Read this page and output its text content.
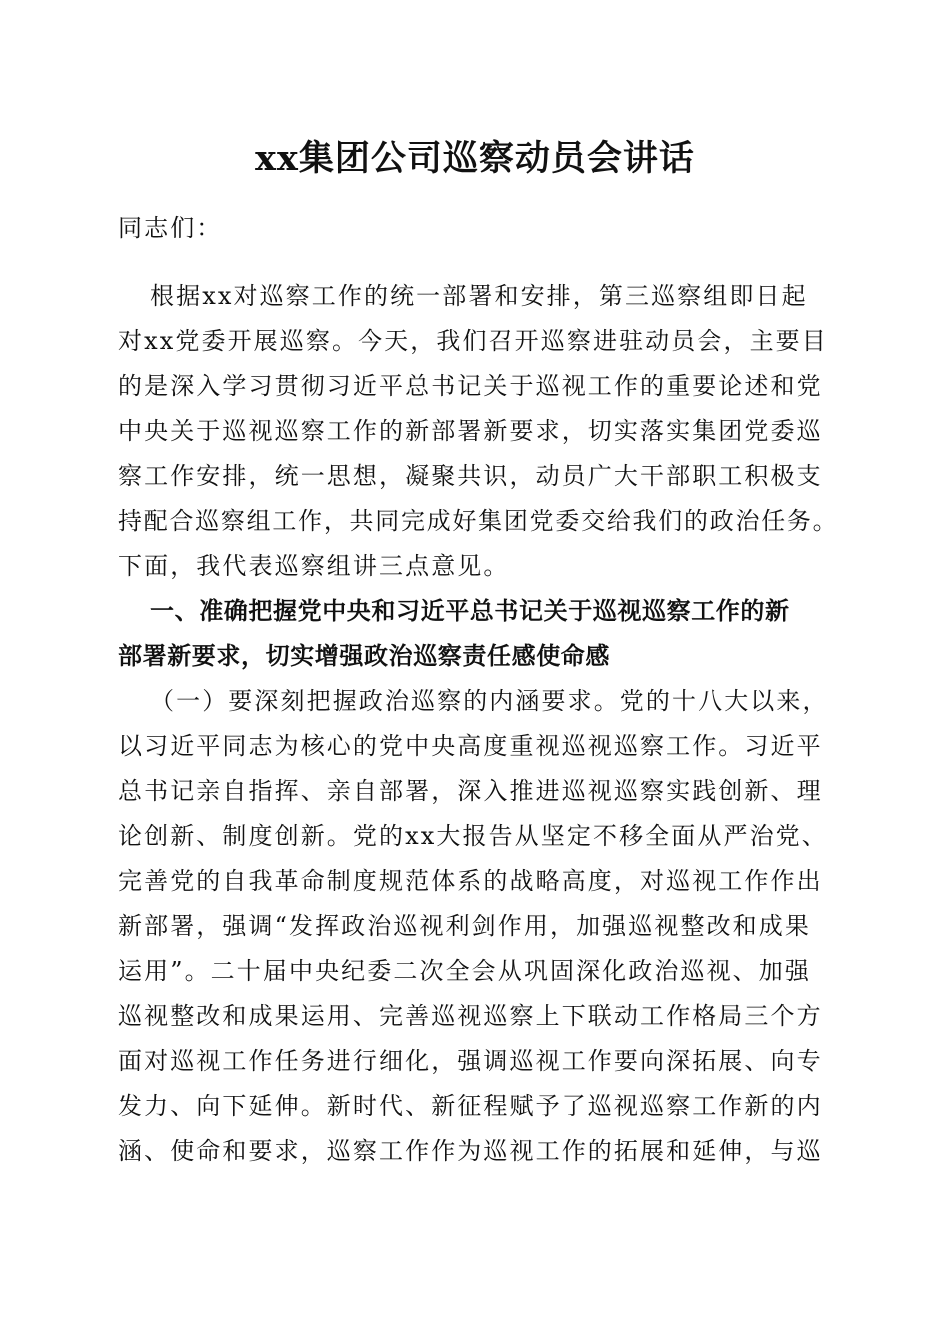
xx集团公司巡察动员会讲话
同志们：
根据xx对巡察工作的统一部署和安排，第三巡察组即日起
对xx党委开展巡察。今天，我们召开巡察进驻动员会，主要目
的是深入学习贯彻习近平总书记关于巡视工作的重要论述和党
中央关于巡视巡察工作的新部署新要求，切实落实集团党委巡
察工作安排，统一思想，凝聚共识，动员广大干部职工积极支
持配合巡察组工作，共同完成好集团党委交给我们的政治任务。
下面，我代表巡察组讲三点意见。
一、准确把握党中央和习近平总书记关于巡视巡察工作的新
部署新要求，切实增强政治巡察责任感使命感
（一）要深刻把握政治巡察的内涵要求。党的十八大以来，
以习近平同志为核心的党中央高度重视巡视巡察工作。习近平
总书记亲自指挥、亲自部署，深入推进巡视巡察实践创新、理
论创新、制度创新。党的xx大报告从坚定不移全面从严治党、
完善党的自我革命制度规范体系的战略高度，对巡视工作作出
新部署，强调“发挥政治巡视利剑作用，加强巡视整改和成果
运用”。二十届中央纪委二次全会从巩固深化政治巡视、加强
巡视整改和成果运用、完善巡视巡察上下联动工作格局三个方
面对巡视工作任务进行细化，强调巡视工作要向深拓展、向专
发力、向下延伸。新时代、新征程赋予了巡视巡察工作新的内
涵、使命和要求，巡察工作作为巡视工作的拓展和延伸，与巡
